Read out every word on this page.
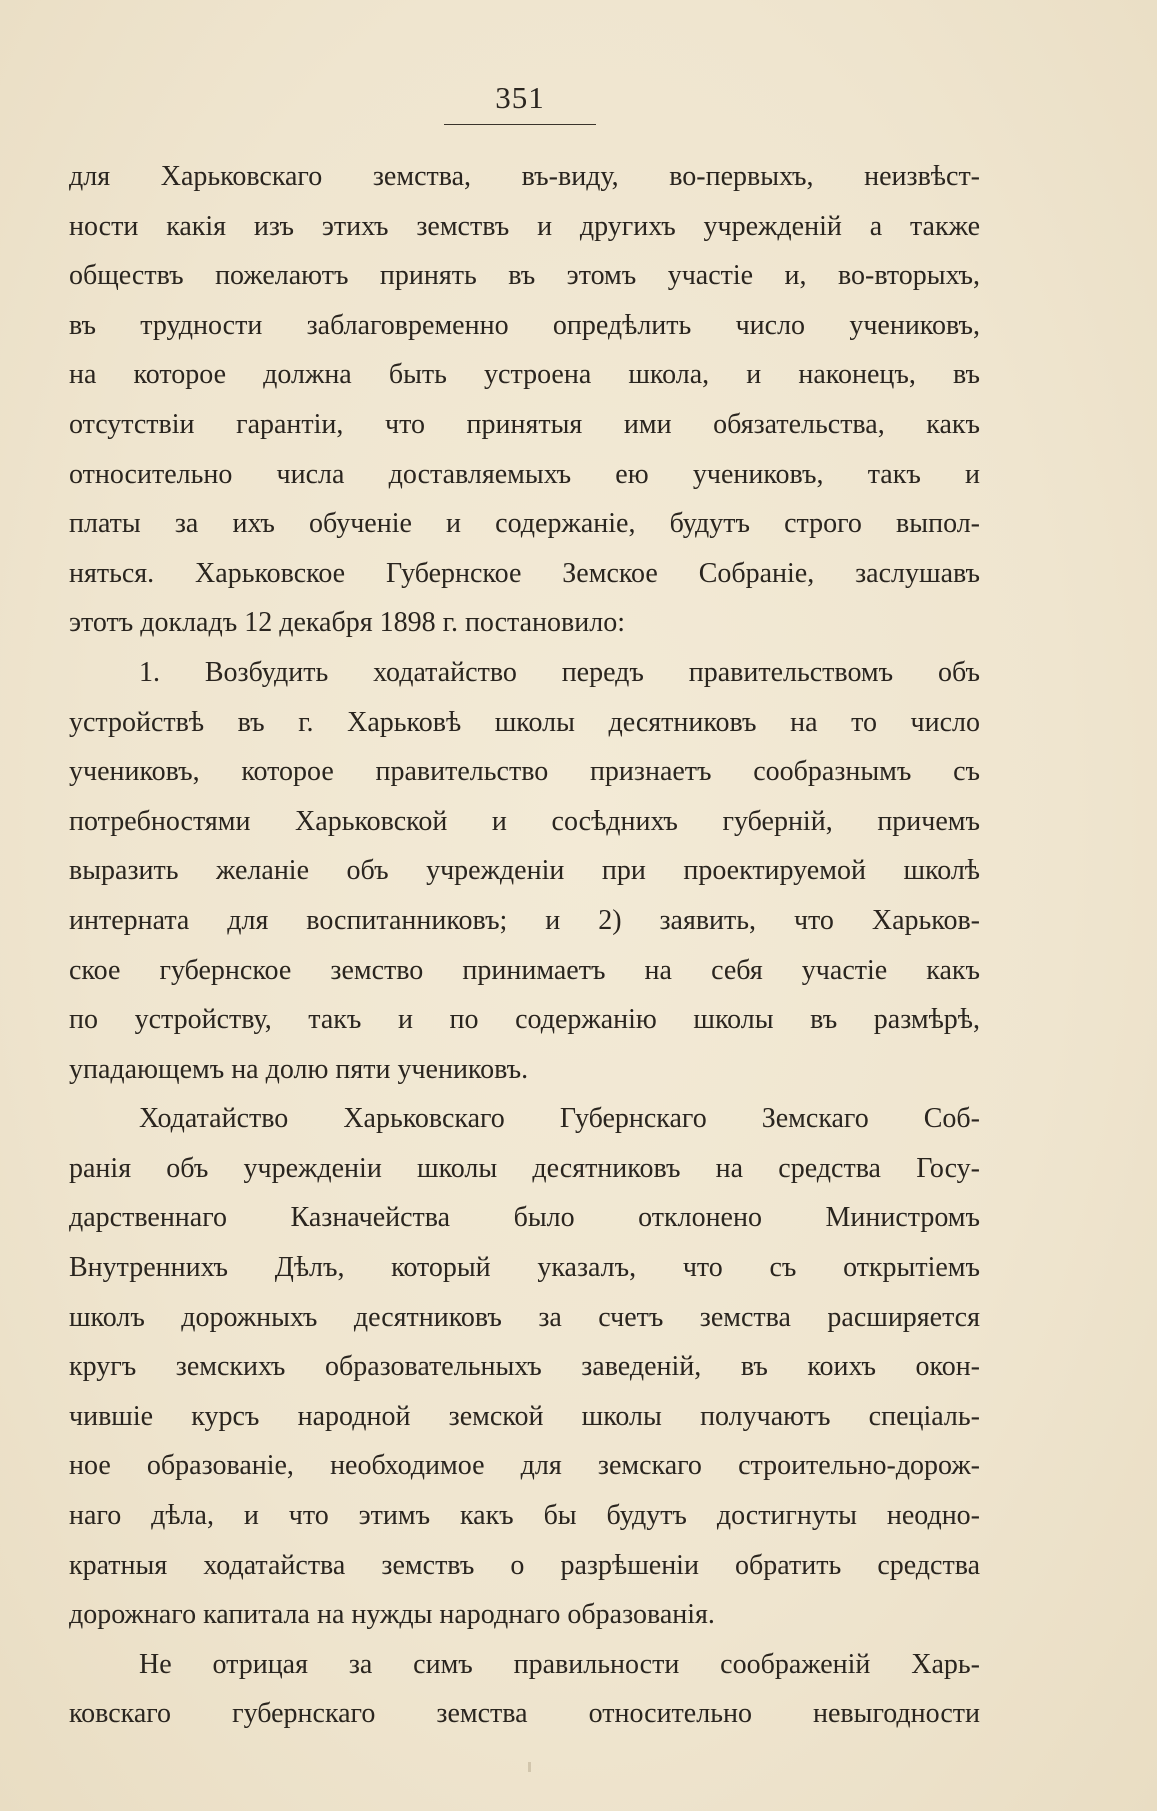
351
для Харьковскаго земства, въ-виду, во-первыхъ, неизвѣст-
ности какія изъ этихъ земствъ и другихъ учрежденій а также
обществъ пожелаютъ принять въ этомъ участіе и, во-вторыхъ,
въ трудности заблаговременно опредѣлить число учениковъ,
на которое должна быть устроена школа, и наконецъ, въ
отсутствіи гарантіи, что принятыя ими обязательства, какъ
относительно числа доставляемыхъ ею учениковъ, такъ и
платы за ихъ обученіе и содержаніе, будутъ строго выпол-
няться. Харьковское Губернское Земское Собраніе, заслушавъ
этотъ докладъ 12 декабря 1898 г. постановило:
1. Возбудить ходатайство передъ правительствомъ объ
устройствѣ въ г. Харьковѣ школы десятниковъ на то число
учениковъ, которое правительство признаетъ сообразнымъ съ
потребностями Харьковской и сосѣднихъ губерній, причемъ
выразить желаніе объ учрежденіи при проектируемой школѣ
интерната для воспитанниковъ; и 2) заявить, что Харьков-
ское губернское земство принимаетъ на себя участіе какъ
по устройству, такъ и по содержанію школы въ размѣрѣ,
упадающемъ на долю пяти учениковъ.
Ходатайство Харьковскаго Губернскаго Земскаго Соб-
ранія объ учрежденіи школы десятниковъ на средства Госу-
дарственнаго Казначейства было отклонено Министромъ
Внутреннихъ Дѣлъ, который указалъ, что съ открытіемъ
школъ дорожныхъ десятниковъ за счетъ земства расширяется
кругъ земскихъ образовательныхъ заведеній, въ коихъ окон-
чившіе курсъ народной земской школы получаютъ спеціаль-
ное образованіе, необходимое для земскаго строительно-дорож-
наго дѣла, и что этимъ какъ бы будутъ достигнуты неодно-
кратныя ходатайства земствъ о разрѣшеніи обратить средства
дорожнаго капитала на нужды народнаго образованія.
Не отрицая за симъ правильности соображеній Харь-
ковскаго губернскаго земства относительно невыгодности
